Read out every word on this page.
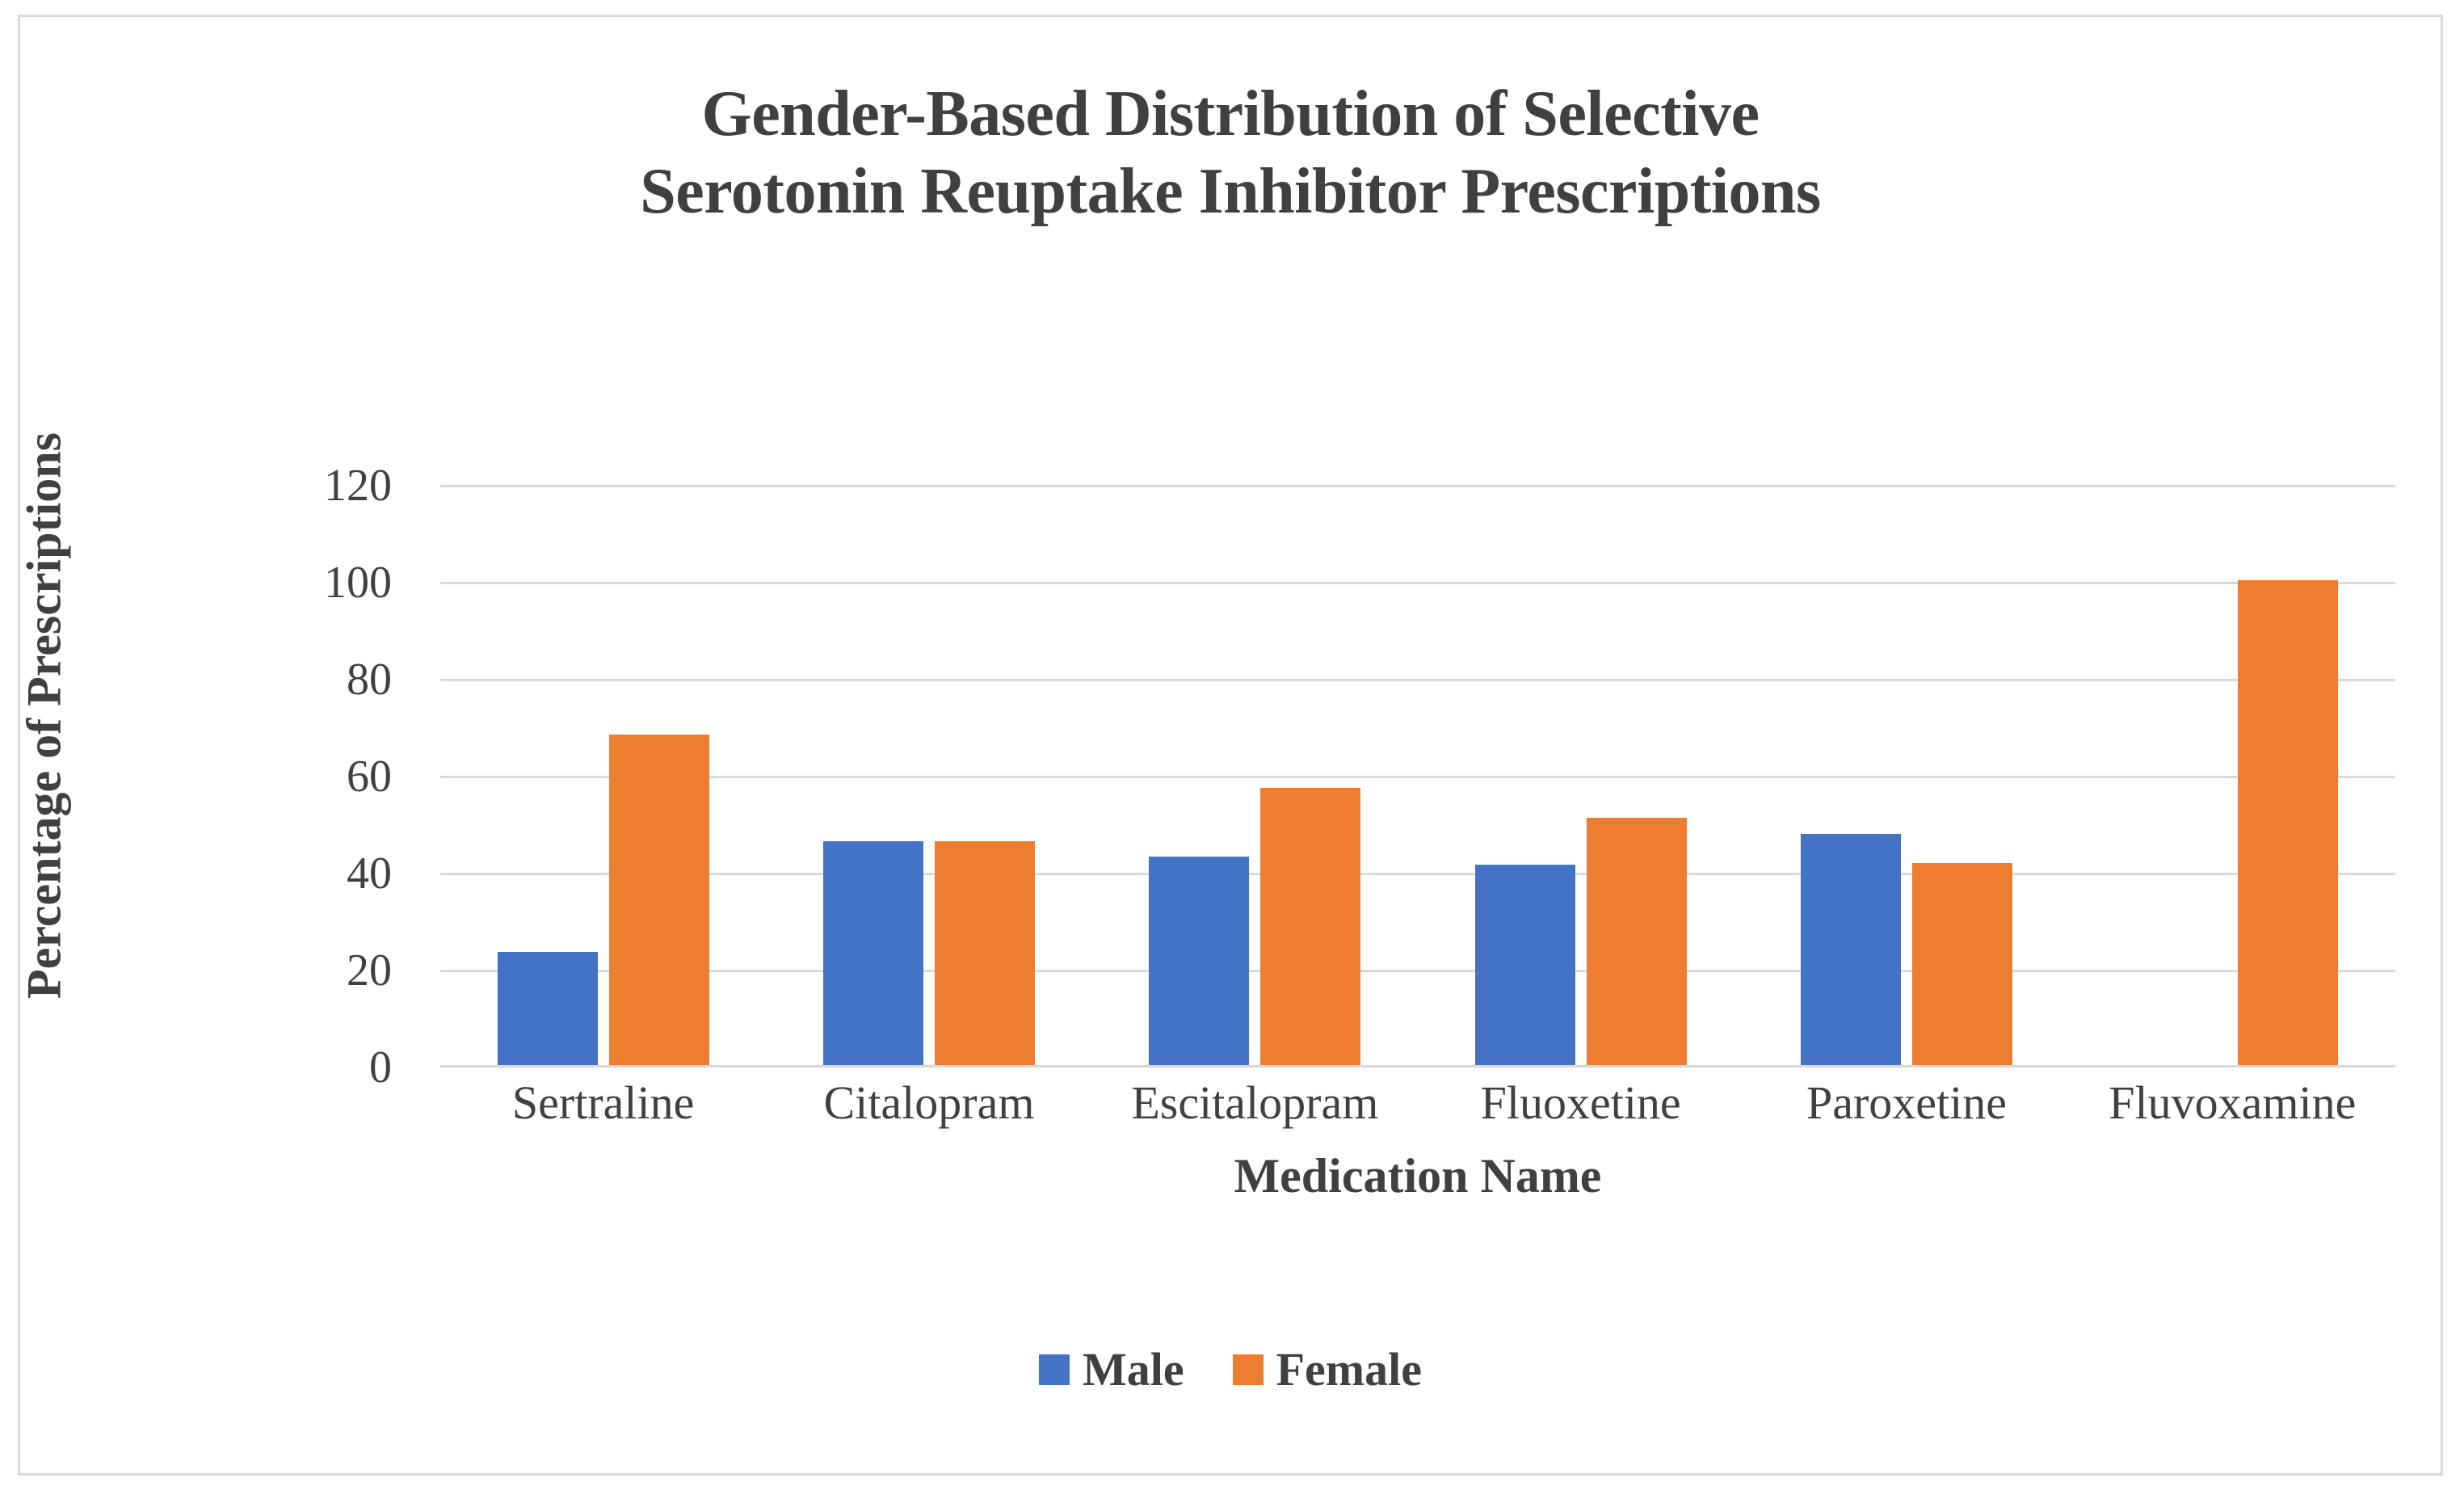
Gender-Based Distribution of Selective
Serotonin Reuptake Inhibitor Prescriptions
0
20
40
60
80
100
120
Percentage of Prescriptions
Sertraline	Citalopram	Escitalopram	Fluoxetine	Paroxetine	Fluvoxamine
Medication Name
Male Female
